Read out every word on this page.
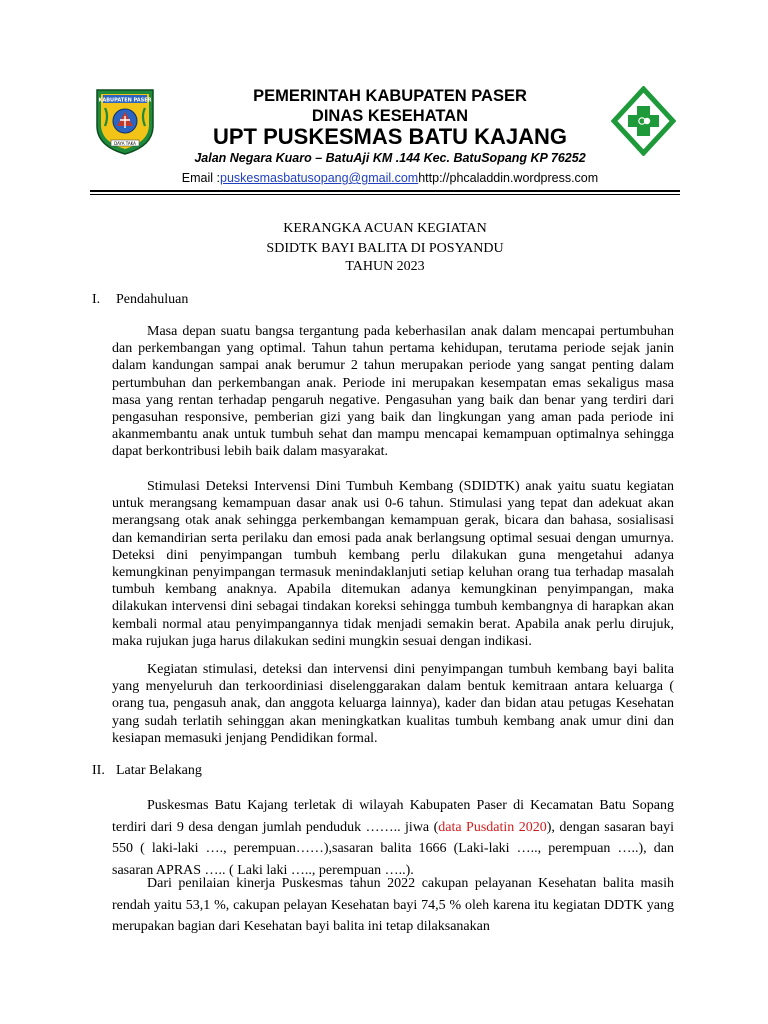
KABUPATEN PASER
DAYA TAKA
PEMERINTAH KABUPATEN PASER
DINAS KESEHATAN
UPT PUSKESMAS BATU KAJANG
Jalan Negara Kuaro – BatuAji KM .144 Kec. BatuSopang KP 76252
Email :puskesmasbatusopang@gmail.comhttp://phcaladdin.wordpress.com
KERANGKA ACUAN KEGIATAN
SDIDTK BAYI BALITA DI POSYANDU
TAHUN 2023
I. Pendahuluan

Masa depan suatu bangsa tergantung pada keberhasilan anak dalam mencapai pertumbuhan dan perkembangan yang optimal. Tahun tahun pertama kehidupan, terutama periode sejak janin dalam kandungan sampai anak berumur 2 tahun merupakan periode yang sangat penting dalam pertumbuhan dan perkembangan anak. Periode ini merupakan kesempatan emas sekaligus masa masa yang rentan terhadap pengaruh negative. Pengasuhan yang baik dan benar yang terdiri dari pengasuhan responsive, pemberian gizi yang baik dan lingkungan yang aman pada periode ini akanmembantu anak untuk tumbuh sehat dan mampu mencapai kemampuan optimalnya sehingga dapat berkontribusi lebih baik dalam masyarakat.

Stimulasi Deteksi Intervensi Dini Tumbuh Kembang (SDIDTK) anak yaitu suatu kegiatan untuk merangsang kemampuan dasar anak usi 0-6 tahun. Stimulasi yang tepat dan adekuat akan merangsang otak anak sehingga perkembangan kemampuan gerak, bicara dan bahasa, sosialisasi dan kemandirian serta perilaku dan emosi pada anak berlangsung optimal sesuai dengan umurnya. Deteksi dini penyimpangan tumbuh kembang perlu dilakukan guna mengetahui adanya kemungkinan penyimpangan termasuk menindaklanjuti setiap keluhan orang tua terhadap masalah tumbuh kembang anaknya. Apabila ditemukan adanya kemungkinan penyimpangan, maka dilakukan intervensi dini sebagai tindakan koreksi sehingga tumbuh kembangnya di harapkan akan kembali normal atau penyimpangannya tidak menjadi semakin berat. Apabila anak perlu dirujuk, maka rujukan juga harus dilakukan sedini mungkin sesuai dengan indikasi.

Kegiatan stimulasi, deteksi dan intervensi dini penyimpangan tumbuh kembang bayi balita yang menyeluruh dan terkoordiniasi diselenggarakan dalam bentuk kemitraan antara keluarga ( orang tua, pengasuh anak, dan anggota keluarga lainnya), kader dan bidan atau petugas Kesehatan yang sudah terlatih sehinggan akan meningkatkan kualitas tumbuh kembang anak umur dini dan kesiapan memasuki jenjang Pendidikan formal.

II. Latar Belakang

Puskesmas Batu Kajang terletak di wilayah Kabupaten Paser di Kecamatan Batu Sopang terdiri dari 9 desa dengan jumlah penduduk …….. jiwa (data Pusdatin 2020), dengan sasaran bayi 550 ( laki-laki …., perempuan……),sasaran balita 1666 (Laki-laki ….., perempuan …..), dan sasaran APRAS ….. ( Laki laki ….., perempuan …..).

Dari penilaian kinerja Puskesmas tahun 2022 cakupan pelayanan Kesehatan balita masih rendah yaitu 53,1 %, cakupan pelayan Kesehatan bayi 74,5 % oleh karena itu kegiatan DDTK yang merupakan bagian dari Kesehatan bayi balita ini tetap dilaksanakan
